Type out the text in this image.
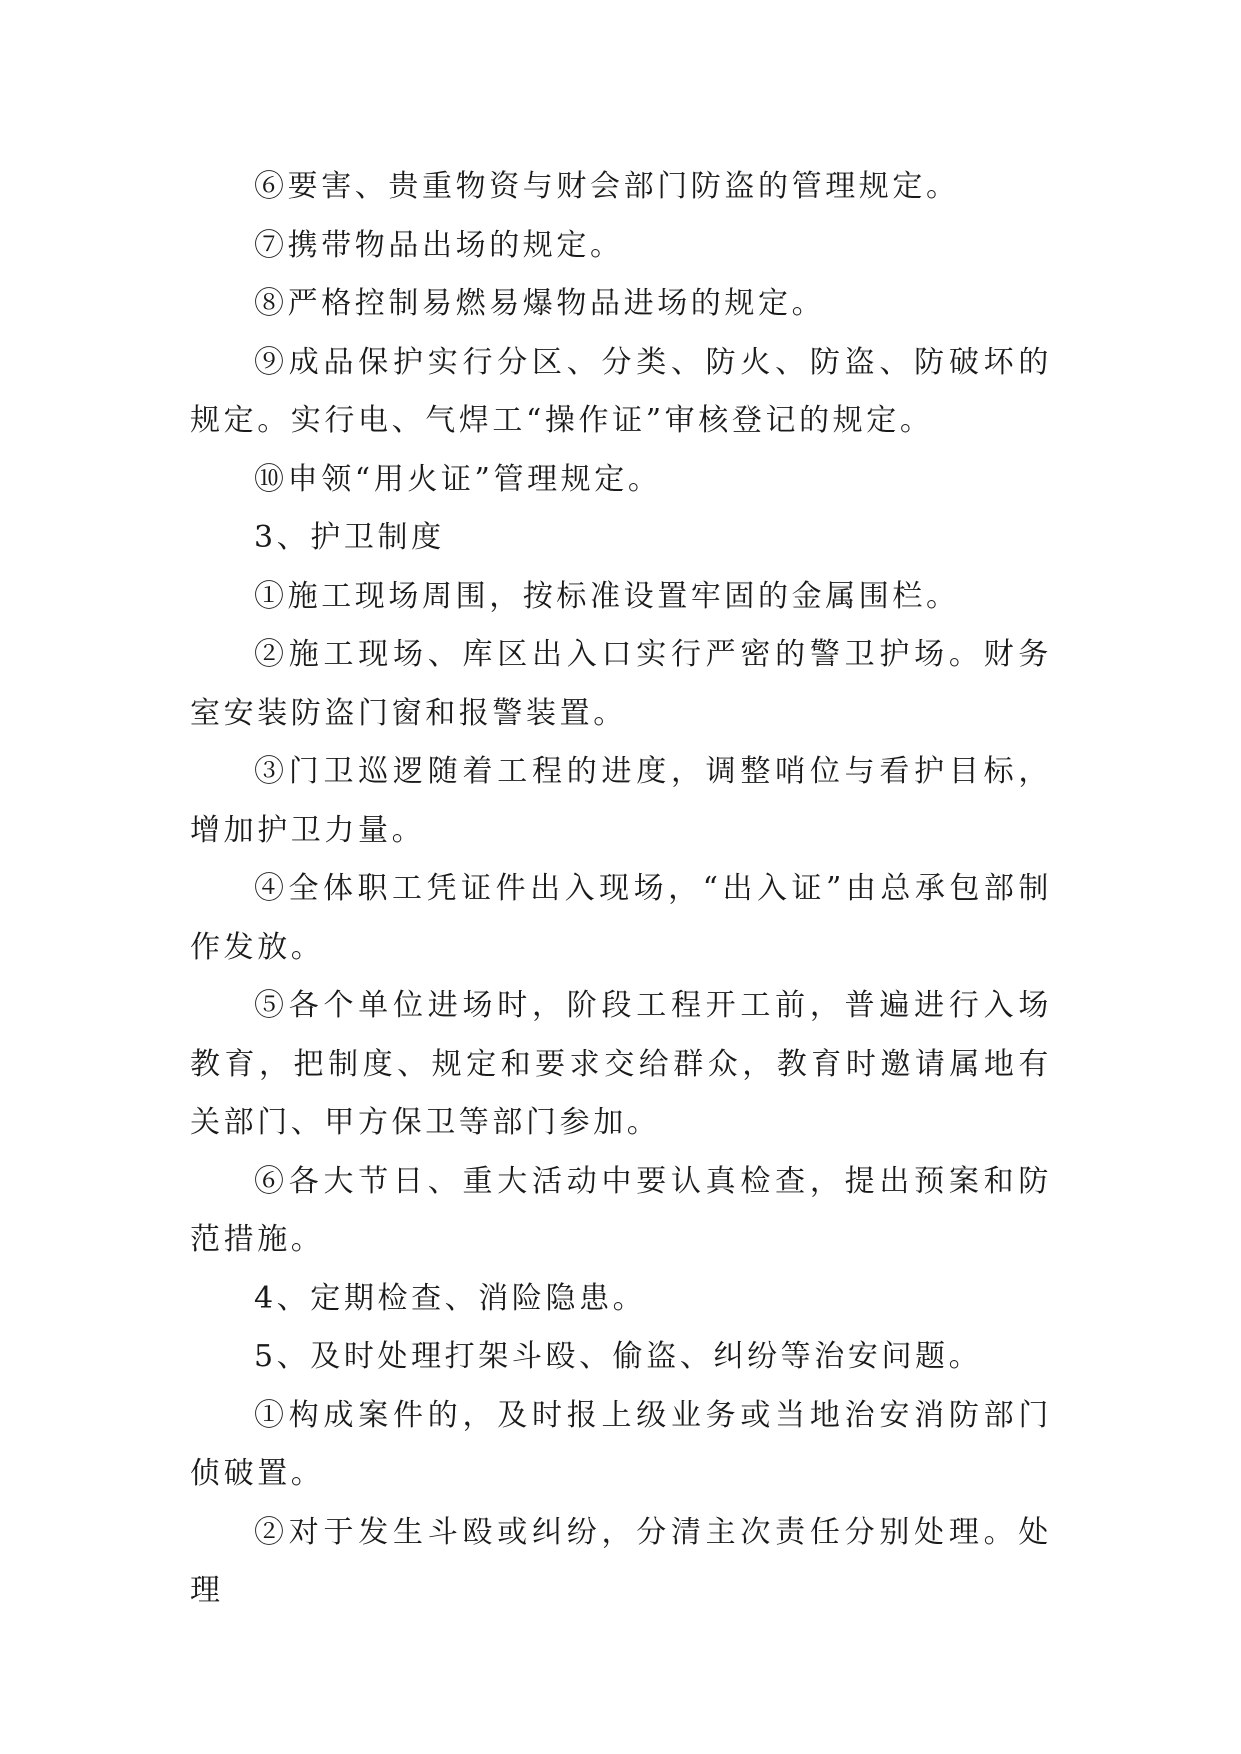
⑥要害、贵重物资与财会部门防盗的管理规定。

⑦携带物品出场的规定。

⑧严格控制易燃易爆物品进场的规定。

⑨成品保护实行分区、分类、防火、防盗、防破坏的规定。实行电、气焊工“操作证”审核登记的规定。

⑩申领“用火证”管理规定。

3、护卫制度

①施工现场周围，按标准设置牢固的金属围栏。

②施工现场、库区出入口实行严密的警卫护场。财务室安装防盗门窗和报警装置。

③门卫巡逻随着工程的进度，调整哨位与看护目标，增加护卫力量。

④全体职工凭证件出入现场，“出入证”由总承包部制作发放。

⑤各个单位进场时，阶段工程开工前，普遍进行入场教育，把制度、规定和要求交给群众，教育时邀请属地有关部门、甲方保卫等部门参加。

⑥各大节日、重大活动中要认真检查，提出预案和防范措施。

4、定期检查、消险隐患。

5、及时处理打架斗殴、偷盗、纠纷等治安问题。

①构成案件的，及时报上级业务或当地治安消防部门侦破置。

②对于发生斗殴或纠纷，分清主次责任分别处理。处理
